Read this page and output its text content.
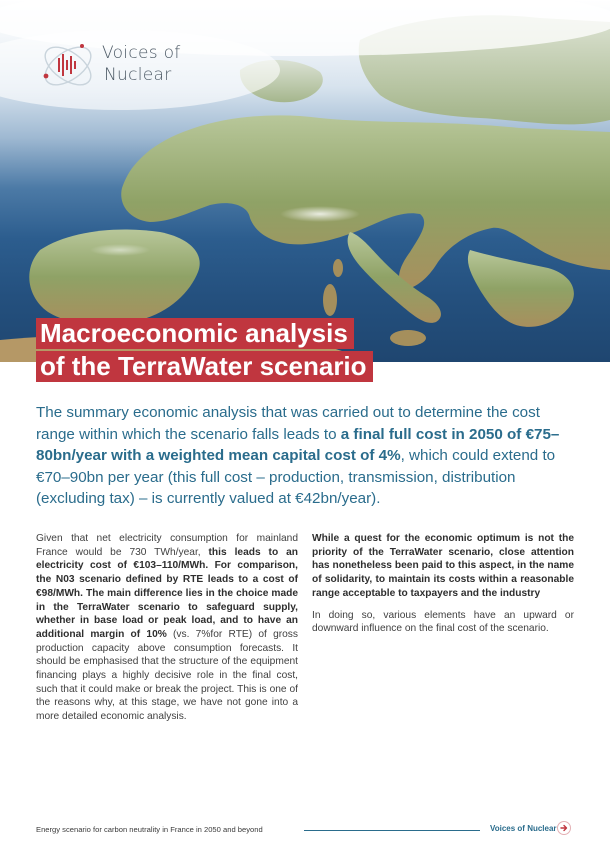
Voices of
Nuclear
Macroeconomic analysis
of the TerraWater scenario
The summary economic analysis that was carried out to determine the cost range within which the scenario falls leads to a final full cost in 2050 of €75–80bn/year with a weighted mean capital cost of 4%, which could extend to €70–90bn per year (this full cost – production, transmission, distribution (excluding tax) – is currently valued at €42bn/year).

Given that net electricity consumption for mainland France would be 730 TWh/year, this leads to an electricity cost of €103–110/MWh. For comparison, the N03 scenario defined by RTE leads to a cost of €98/MWh. The main difference lies in the choice made in the TerraWater scenario to safeguard supply, whether in base load or peak load, and to have an additional margin of 10% (vs. 7%for RTE) of gross production capacity above consumption forecasts. It should be emphasised that the structure of the equipment financing plays a highly decisive role in the final cost, such that it could make or break the project. This is one of the reasons why, at this stage, we have not gone into a more detailed economic analysis.

While a quest for the economic optimum is not the priority of the TerraWater scenario, close attention has nonetheless been paid to this aspect, in the name of solidarity, to maintain its costs within a reasonable range acceptable to taxpayers and the industry

In doing so, various elements have an upward or downward influence on the final cost of the scenario.

Energy scenario for carbon neutrality in France in 2050 and beyond	Voices of Nuclear
